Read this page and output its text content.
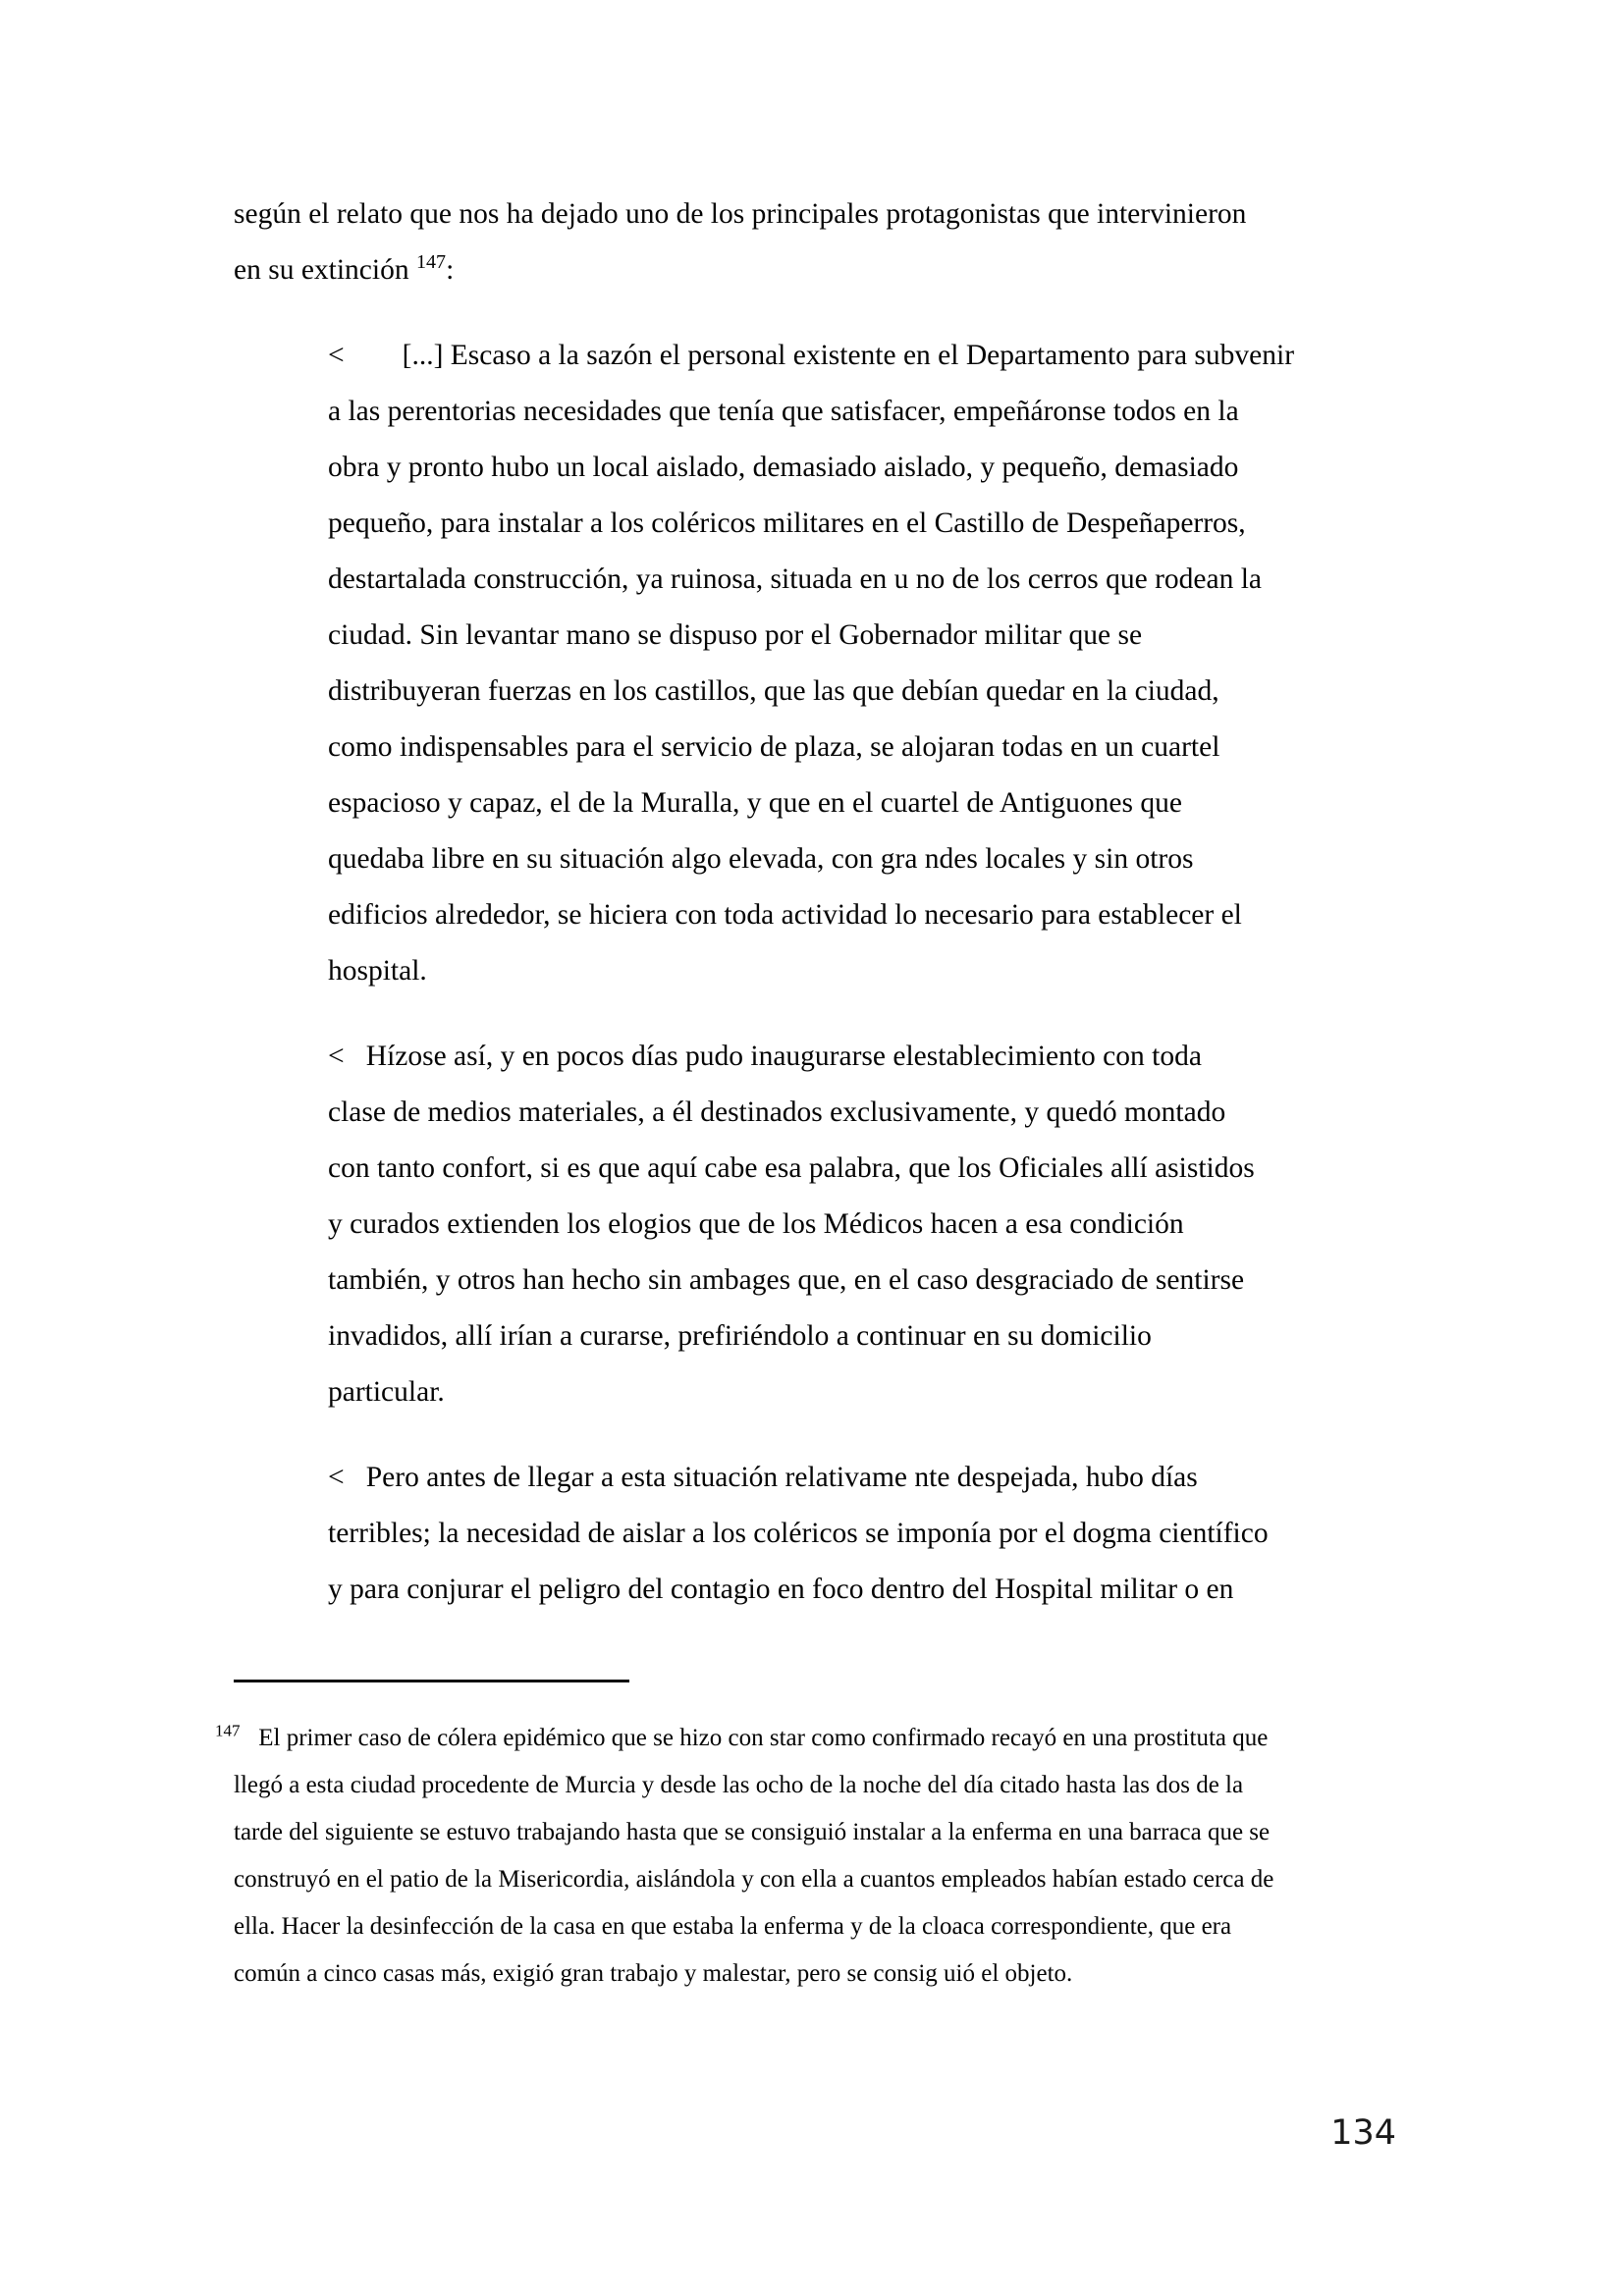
según el relato que nos ha dejado uno de los principales protagonistas que intervinieron
en su extinción $^{147}$:
<        [...] Escaso a la sazón el personal existente en el Departamento para subvenir
a las perentorias necesidades que tenía que satisfacer, empeñáronse todos en la
obra y pronto hubo un local aislado, demasiado aislado, y pequeño, demasiado
pequeño, para instalar a los coléricos militares en el Castillo de Despeñaperros,
destartalada construcción, ya ruinosa, situada en u no de los cerros que rodean la
ciudad. Sin levantar mano se dispuso por el Gobernador militar que se
distribuyeran fuerzas en los castillos, que las que debían quedar en la ciudad,
como indispensables para el servicio de plaza, se alojaran todas en un cuartel
espacioso y capaz, el de la Muralla, y que en el cuartel de Antiguones que
quedaba libre en su situación algo elevada, con gra ndes locales y sin otros
edificios alrededor, se hiciera con toda actividad lo necesario para establecer el
hospital.
<   Hízose así, y en pocos días pudo inaugurarse elestablecimiento con toda
clase de medios materiales, a él destinados exclusivamente, y quedó montado
con tanto confort, si es que aquí cabe esa palabra, que los Oficiales allí asistidos
y curados extienden los elogios que de los Médicos hacen a esa condición
también, y otros han hecho sin ambages que, en el caso desgraciado de sentirse
invadidos, allí irían a curarse, prefiriéndolo a continuar en su domicilio
particular.
<   Pero antes de llegar a esta situación relativame nte despejada, hubo días
terribles; la necesidad de aislar a los coléricos se imponía por el dogma científico
y para conjurar el peligro del contagio en foco dentro del Hospital militar o en
$^{147}$   El primer caso de cólera epidémico que se hizo con star como confirmado recayó en una prostituta que
llegó a esta ciudad procedente de Murcia y desde las ocho de la noche del día citado hasta las dos de la
tarde del siguiente se estuvo trabajando hasta que se consiguió instalar a la enferma en una barraca que se
construyó en el patio de la Misericordia, aislándola y con ella a cuantos empleados habían estado cerca de
ella. Hacer la desinfección de la casa en que estaba la enferma y de la cloaca correspondiente, que era
común a cinco casas más, exigió gran trabajo y malestar, pero se consig uió el objeto.
134
